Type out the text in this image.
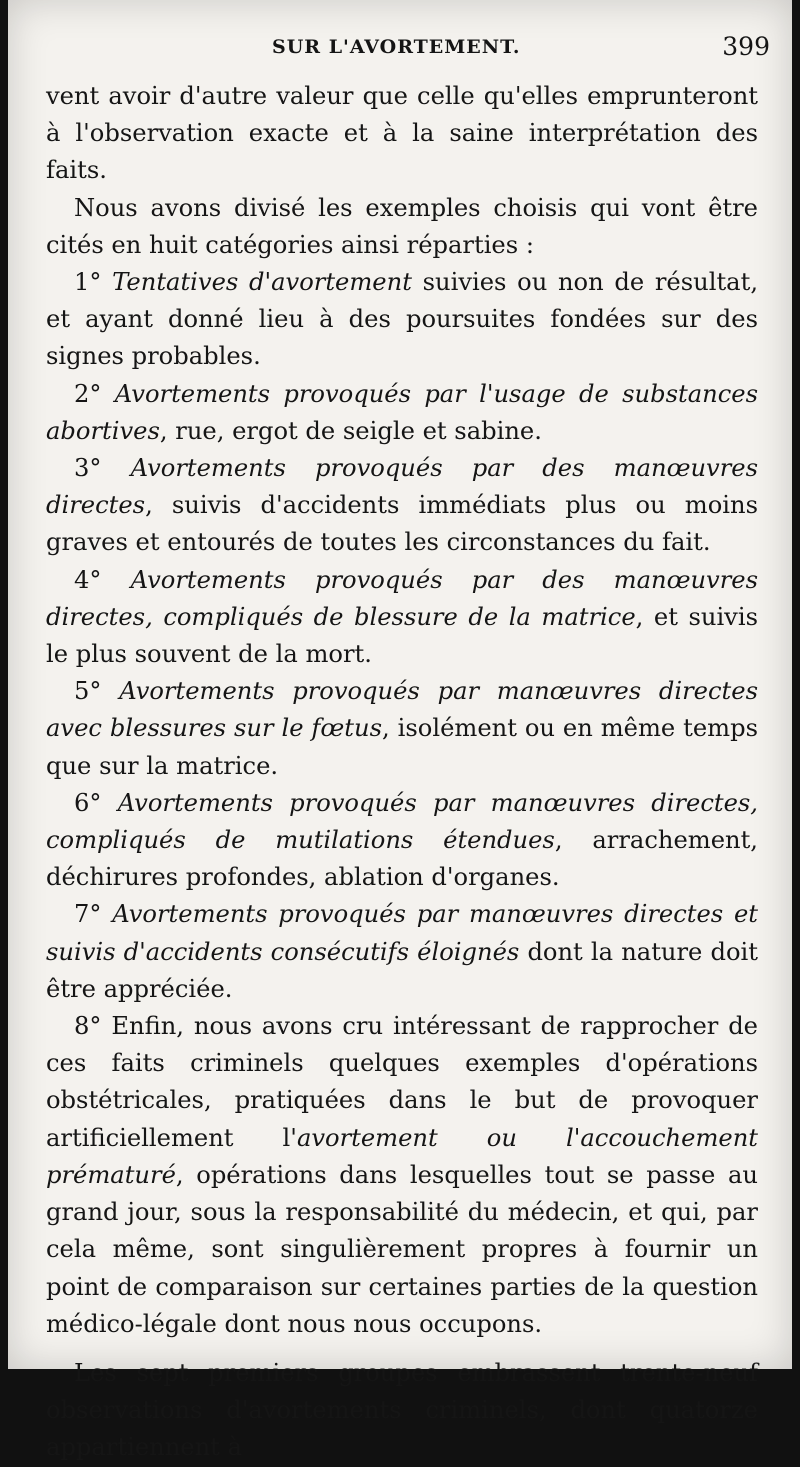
SUR L'AVORTEMENT.	399

vent avoir d'autre valeur que celle qu'elles emprunteront à l'observation exacte et à la saine interprétation des faits.

Nous avons divisé les exemples choisis qui vont être cités en huit catégories ainsi réparties :

1° Tentatives d'avortement suivies ou non de résultat, et ayant donné lieu à des poursuites fondées sur des signes probables.

2° Avortements provoqués par l'usage de substances abortives, rue, ergot de seigle et sabine.

3° Avortements provoqués par des manœuvres directes, suivis d'accidents immédiats plus ou moins graves et entourés de toutes les circonstances du fait.

4° Avortements provoqués par des manœuvres directes, compliqués de blessure de la matrice, et suivis le plus souvent de la mort.

5° Avortements provoqués par manœuvres directes avec blessures sur le fœtus, isolément ou en même temps que sur la matrice.

6° Avortements provoqués par manœuvres directes, compliqués de mutilations étendues, arrachement, déchirures profondes, ablation d'organes.

7° Avortements provoqués par manœuvres directes et suivis d'accidents consécutifs éloignés dont la nature doit être appréciée.

8° Enfin, nous avons cru intéressant de rapprocher de ces faits criminels quelques exemples d'opérations obstétricales, pratiquées dans le but de provoquer artificiellement l'avortement ou l'accouchement prématuré, opérations dans lesquelles tout se passe au grand jour, sous la responsabilité du médecin, et qui, par cela même, sont singulièrement propres à fournir un point de comparaison sur certaines parties de la question médico-légale dont nous nous occupons.

Les sept premiers groupes embrassent trente-neuf observations d'avortements criminels, dont quatorze appartiennent à
